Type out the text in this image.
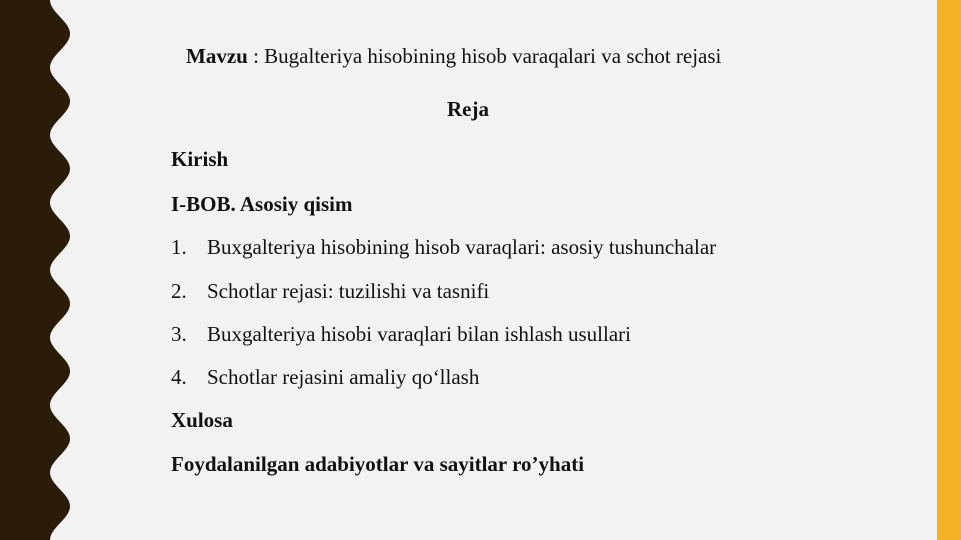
Mavzu : Bugalteriya hisobining hisob varaqalari va schot rejasi
Reja
Kirish
I-BOB. Asosiy qisim
1. Buxgalteriya hisobining hisob varaqlari: asosiy tushunchalar
2. Schotlar rejasi: tuzilishi va tasnifi
3. Buxgalteriya hisobi varaqlari bilan ishlash usullari
4. Schotlar rejasini amaliy qo‘llash
Xulosa
Foydalanilgan adabiyotlar va sayitlar ro’yhati
